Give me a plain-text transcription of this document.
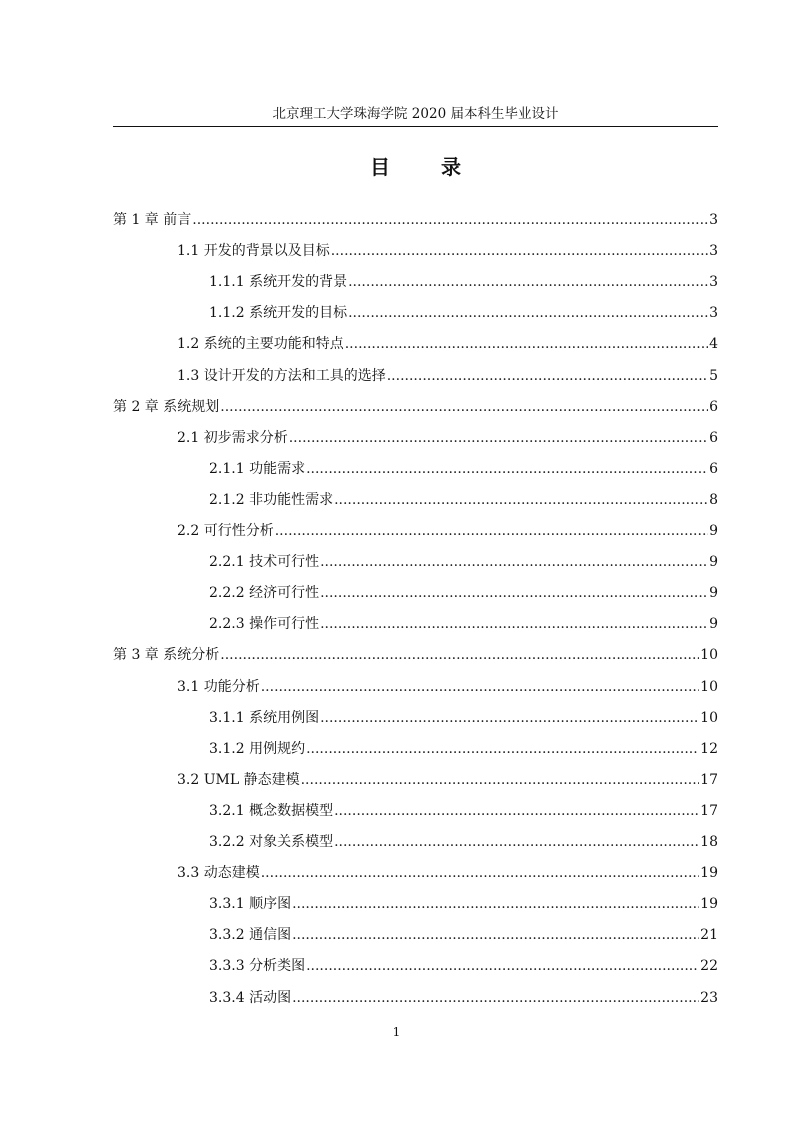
北京理工大学珠海学院 2020 届本科生毕业设计
目 录
第 1 章 前言 .....	3
1.1 开发的背景以及目标 .....	3
1.1.1 系统开发的背景 .....	3
1.1.2 系统开发的目标 .....	3
1.2 系统的主要功能和特点 .....	4
1.3 设计开发的方法和工具的选择 .....	5
第 2 章 系统规划 .....	6
2.1 初步需求分析 .....	6
2.1.1 功能需求 .....	6
2.1.2 非功能性需求 .....	8
2.2 可行性分析 .....	9
2.2.1 技术可行性 .....	9
2.2.2 经济可行性 .....	9
2.2.3 操作可行性 .....	9
第 3 章 系统分析 .....	10
3.1 功能分析 .....	10
3.1.1 系统用例图 .....	10
3.1.2 用例规约 .....	12
3.2 UML 静态建模 .....	17
3.2.1 概念数据模型 .....	17
3.2.2 对象关系模型 .....	18
3.3 动态建模 .....	19
3.3.1 顺序图 .....	19
3.3.2 通信图 .....	21
3.3.3 分析类图 .....	22
3.3.4 活动图 .....	23
1
